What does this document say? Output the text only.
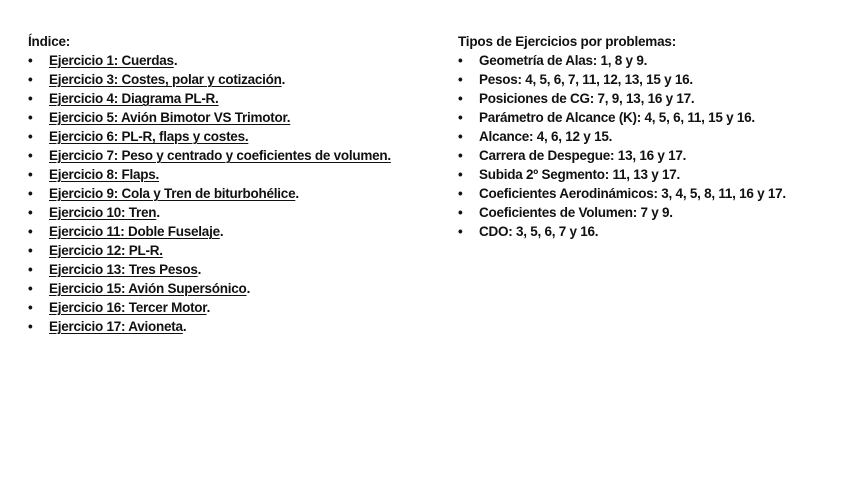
Índice:
• Ejercicio 1: Cuerdas.
• Ejercicio 3: Costes, polar y cotización.
• Ejercicio 4: Diagrama PL-R.
• Ejercicio 5: Avión Bimotor VS Trimotor.
• Ejercicio 6: PL-R, flaps y costes.
• Ejercicio 7: Peso y centrado y coeficientes de volumen.
• Ejercicio 8: Flaps.
• Ejercicio 9: Cola y Tren de biturbohélice.
• Ejercicio 10: Tren.
• Ejercicio 11: Doble Fuselaje.
• Ejercicio 12: PL-R.
• Ejercicio 13: Tres Pesos.
• Ejercicio 15: Avión Supersónico.
• Ejercicio 16: Tercer Motor.
• Ejercicio 17: Avioneta.
Tipos de Ejercicios por problemas:
• Geometría de Alas: 1, 8 y 9.
• Pesos: 4, 5, 6, 7, 11, 12, 13, 15 y 16.
• Posiciones de CG: 7, 9, 13, 16 y 17.
• Parámetro de Alcance (K): 4, 5, 6, 11, 15 y 16.
• Alcance: 4, 6, 12 y 15.
• Carrera de Despegue: 13, 16 y 17.
• Subida 2º Segmento: 11, 13 y 17.
• Coeficientes Aerodinámicos: 3, 4, 5, 8, 11, 16 y 17.
• Coeficientes de Volumen: 7 y 9.
• CDO: 3, 5, 6, 7 y 16.
